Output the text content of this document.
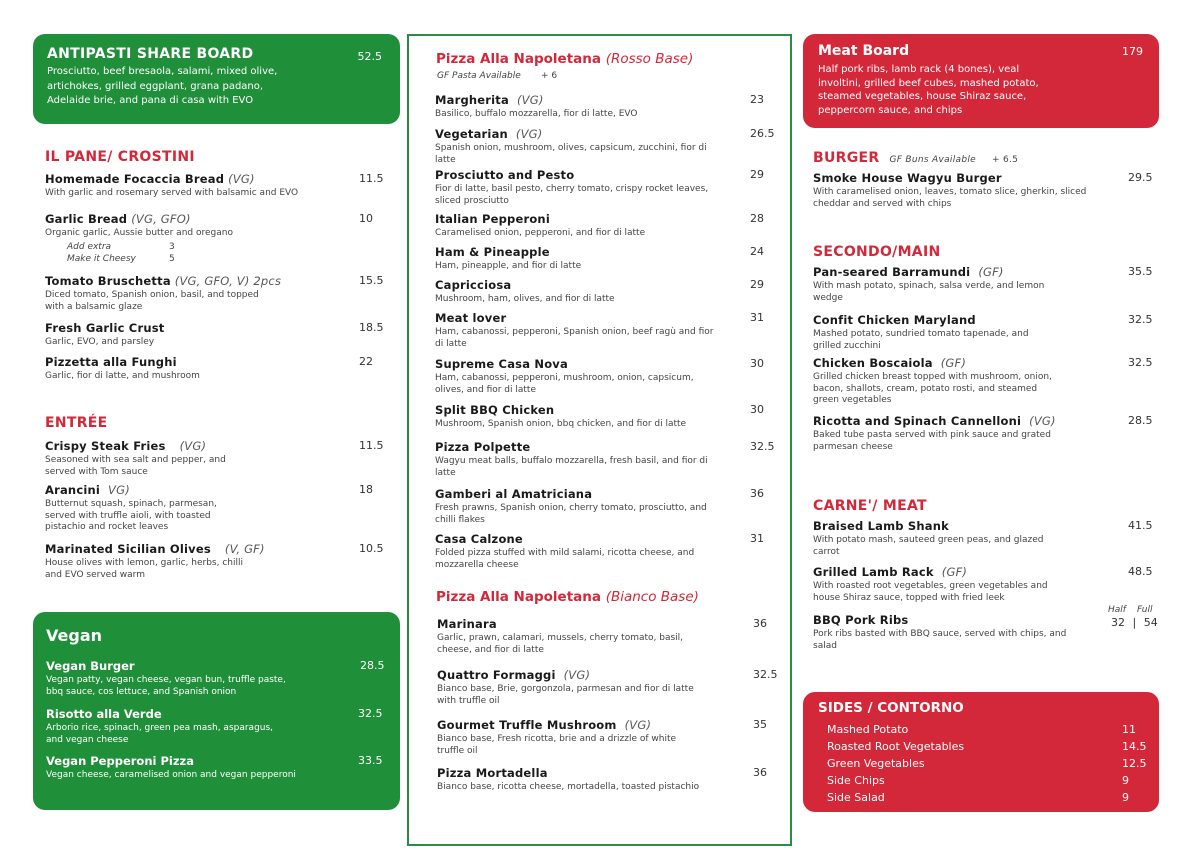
ANTIPASTI SHARE BOARD	52.5
Prosciutto, beef bresaola, salami, mixed olive, artichokes, grilled eggplant, grana padano, Adelaide brie, and pana di casa with EVO
IL PANE/ CROSTINI
Homemade Focaccia Bread (VG)	11.5
With garlic and rosemary served with balsamic and EVO
Garlic Bread (VG, GFO)	10
Organic garlic, Aussie butter and oregano
Add extra	3
Make it Cheesy	5
Tomato Bruschetta (VG, GFO, V) 2pcs	15.5
Diced tomato, Spanish onion, basil, and topped with a balsamic glaze
Fresh Garlic Crust	18.5
Garlic, EVO, and parsley
Pizzetta alla Funghi	22
Garlic, fior di latte, and mushroom
ENTRÉE
Crispy Steak Fries (VG)	11.5
Seasoned with sea salt and pepper, and served with Tom sauce
Arancini VG)	18
Butternut squash, spinach, parmesan, served with truffle aioli, with toasted pistachio and rocket leaves
Marinated Sicilian Olives (V, GF)	10.5
House olives with lemon, garlic, herbs, chilli and EVO served warm
Vegan
Vegan Burger	28.5
Vegan patty, vegan cheese, vegan bun, truffle paste, bbq sauce, cos lettuce, and Spanish onion
Risotto alla Verde	32.5
Arborio rice, spinach, green pea mash, asparagus, and vegan cheese
Vegan Pepperoni Pizza	33.5
Vegan cheese, caramelised onion and vegan pepperoni
Pizza Alla Napoletana (Rosso Base)
GF Pasta Available + 6
Margherita (VG)	23
Basilico, buffalo mozzarella, fior di latte, EVO
Vegetarian (VG)	26.5
Spanish onion, mushroom, olives, capsicum, zucchini, fior di latte
Prosciutto and Pesto	29
Fior di latte, basil pesto, cherry tomato, crispy rocket leaves, sliced prosciutto
Italian Pepperoni	28
Caramelised onion, pepperoni, and fior di latte
Ham & Pineapple	24
Ham, pineapple, and fior di latte
Capricciosa	29
Mushroom, ham, olives, and fior di latte
Meat lover	31
Ham, cabanossi, pepperoni, Spanish onion, beef ragù and fior di latte
Supreme Casa Nova	30
Ham, cabanossi, pepperoni, mushroom, onion, capsicum, olives, and fior di latte
Split BBQ Chicken	30
Mushroom, Spanish onion, bbq chicken, and fior di latte
Pizza Polpette	32.5
Wagyu meat balls, buffalo mozzarella, fresh basil, and fior di latte
Gamberi al Amatriciana	36
Fresh prawns, Spanish onion, cherry tomato, prosciutto, and chilli flakes
Casa Calzone	31
Folded pizza stuffed with mild salami, ricotta cheese, and mozzarella cheese
Pizza Alla Napoletana (Bianco Base)
Marinara	36
Garlic, prawn, calamari, mussels, cherry tomato, basil, cheese, and fior di latte
Quattro Formaggi (VG)	32.5
Bianco base, Brie, gorgonzola, parmesan and fior di latte with truffle oil
Gourmet Truffle Mushroom (VG)	35
Bianco base, Fresh ricotta, brie and a drizzle of white truffle oil
Pizza Mortadella	36
Bianco base, ricotta cheese, mortadella, toasted pistachio
Meat Board	179
Half pork ribs, lamb rack (4 bones), veal involtini, grilled beef cubes, mashed potato, steamed vegetables, house Shiraz sauce, peppercorn sauce, and chips
BURGER GF Buns Available + 6.5
Smoke House Wagyu Burger	29.5
With caramelised onion, leaves, tomato slice, gherkin, sliced cheddar and served with chips
SECONDO/MAIN
Pan-seared Barramundi (GF)	35.5
With mash potato, spinach, salsa verde, and lemon wedge
Confit Chicken Maryland	32.5
Mashed potato, sundried tomato tapenade, and grilled zucchini
Chicken Boscaiola (GF)	32.5
Grilled chicken breast topped with mushroom, onion, bacon, shallots, cream, potato rosti, and steamed green vegetables
Ricotta and Spinach Cannelloni (VG)	28.5
Baked tube pasta served with pink sauce and grated parmesan cheese
CARNE'/ MEAT
Braised Lamb Shank	41.5
With potato mash, sauteed green peas, and glazed carrot
Grilled Lamb Rack (GF)	48.5
With roasted root vegetables, green vegetables and house Shiraz sauce, topped with fried leek
BBQ Pork Ribs
Pork ribs basted with BBQ sauce, served with chips, and salad
Half Full
32 | 54
SIDES / CONTORNO
Mashed Potato	11
Roasted Root Vegetables	14.5
Green Vegetables	12.5
Side Chips	9
Side Salad	9
